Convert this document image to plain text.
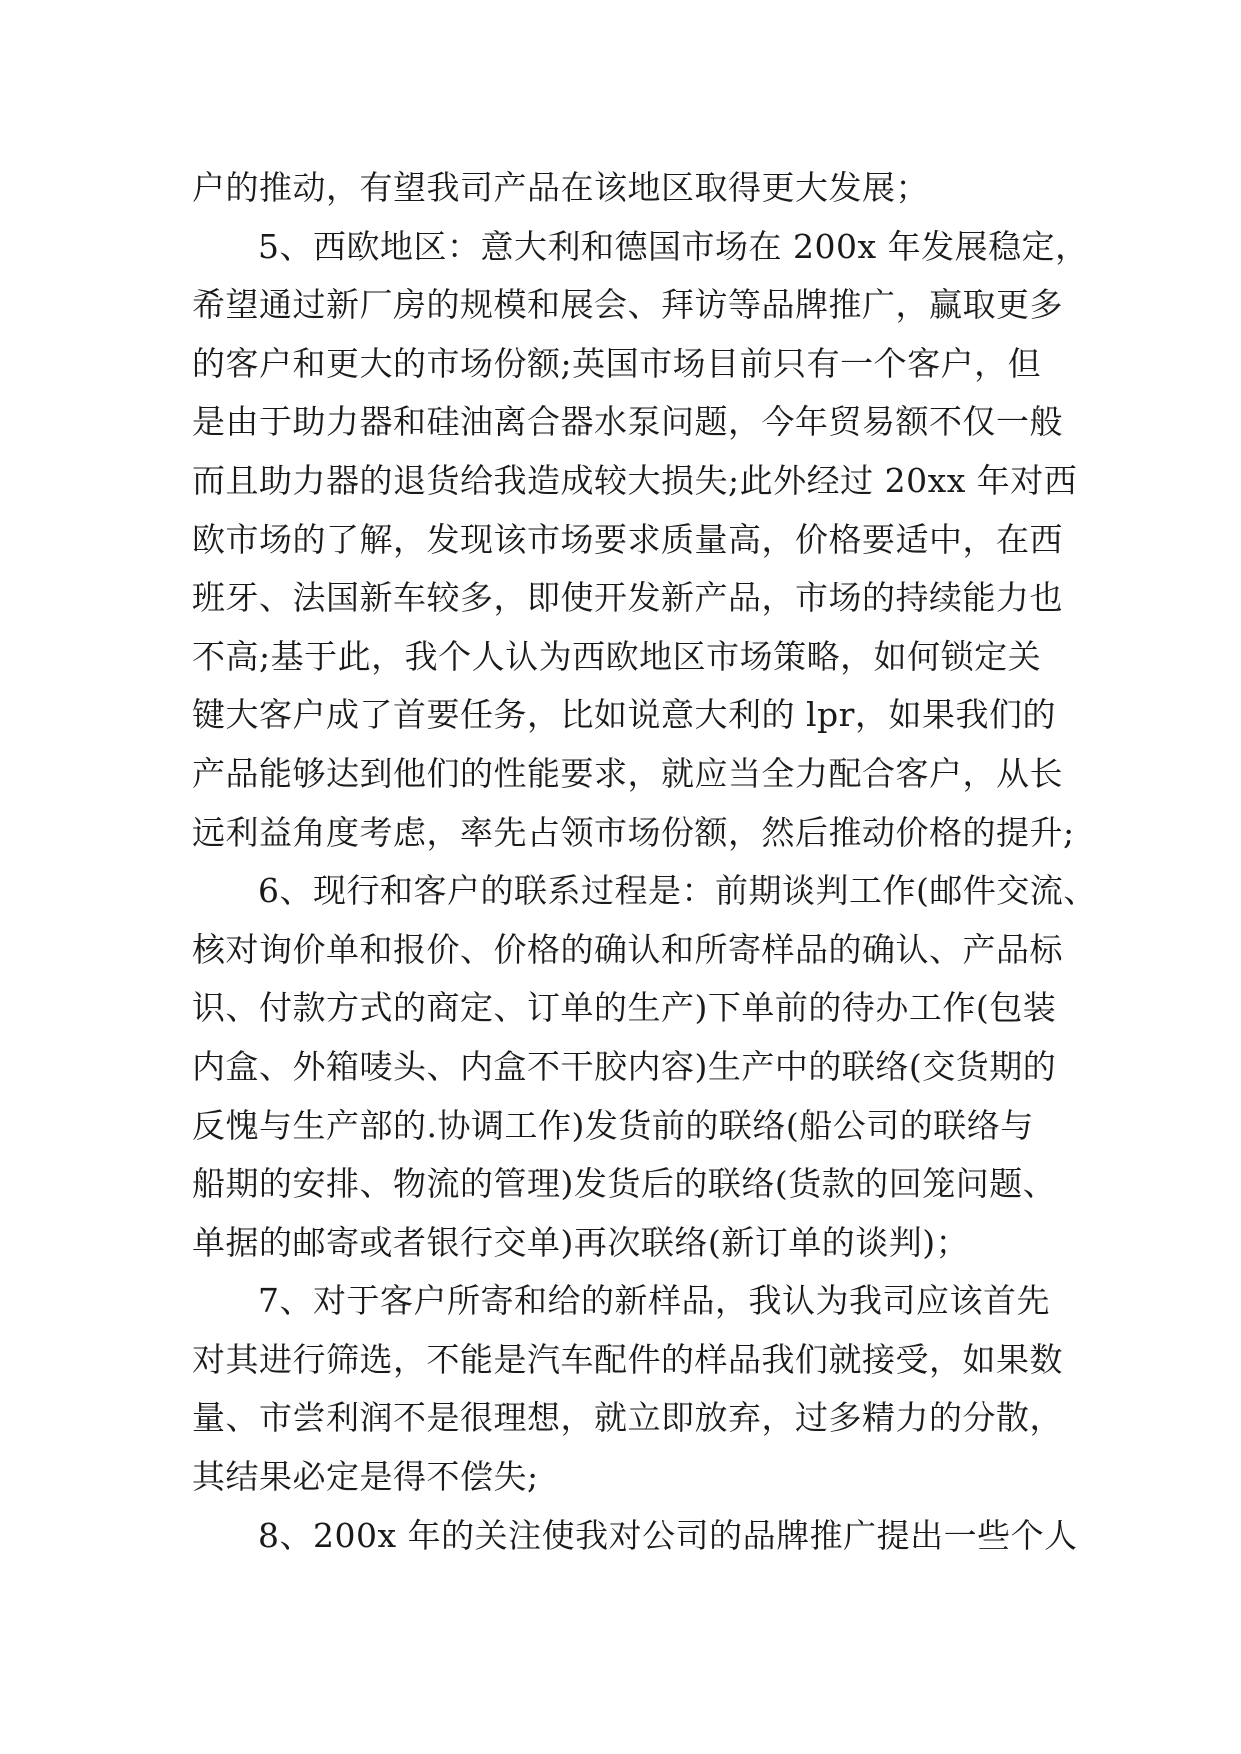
户的推动，有望我司产品在该地区取得更大发展；
5、西欧地区：意大利和德国市场在 200x 年发展稳定，
希望通过新厂房的规模和展会、拜访等品牌推广，赢取更多
的客户和更大的市场份额;英国市场目前只有一个客户，但
是由于助力器和硅油离合器水泵问题，今年贸易额不仅一般
而且助力器的退货给我造成较大损失;此外经过 20xx 年对西
欧市场的了解，发现该市场要求质量高，价格要适中，在西
班牙、法国新车较多，即使开发新产品，市场的持续能力也
不高;基于此，我个人认为西欧地区市场策略，如何锁定关
键大客户成了首要任务，比如说意大利的 lpr，如果我们的
产品能够达到他们的性能要求，就应当全力配合客户，从长
远利益角度考虑，率先占领市场份额，然后推动价格的提升;
6、现行和客户的联系过程是：前期谈判工作(邮件交流、
核对询价单和报价、价格的确认和所寄样品的确认、产品标
识、付款方式的商定、订单的生产)下单前的待办工作(包装
内盒、外箱唛头、内盒不干胶内容)生产中的联络(交货期的
反愧与生产部的.协调工作)发货前的联络(船公司的联络与
船期的安排、物流的管理)发货后的联络(货款的回笼问题、
单据的邮寄或者银行交单)再次联络(新订单的谈判)；
7、对于客户所寄和给的新样品，我认为我司应该首先
对其进行筛选，不能是汽车配件的样品我们就接受，如果数
量、市尝利润不是很理想，就立即放弃，过多精力的分散，
其结果必定是得不偿失;
8、200x 年的关注使我对公司的品牌推广提出一些个人
